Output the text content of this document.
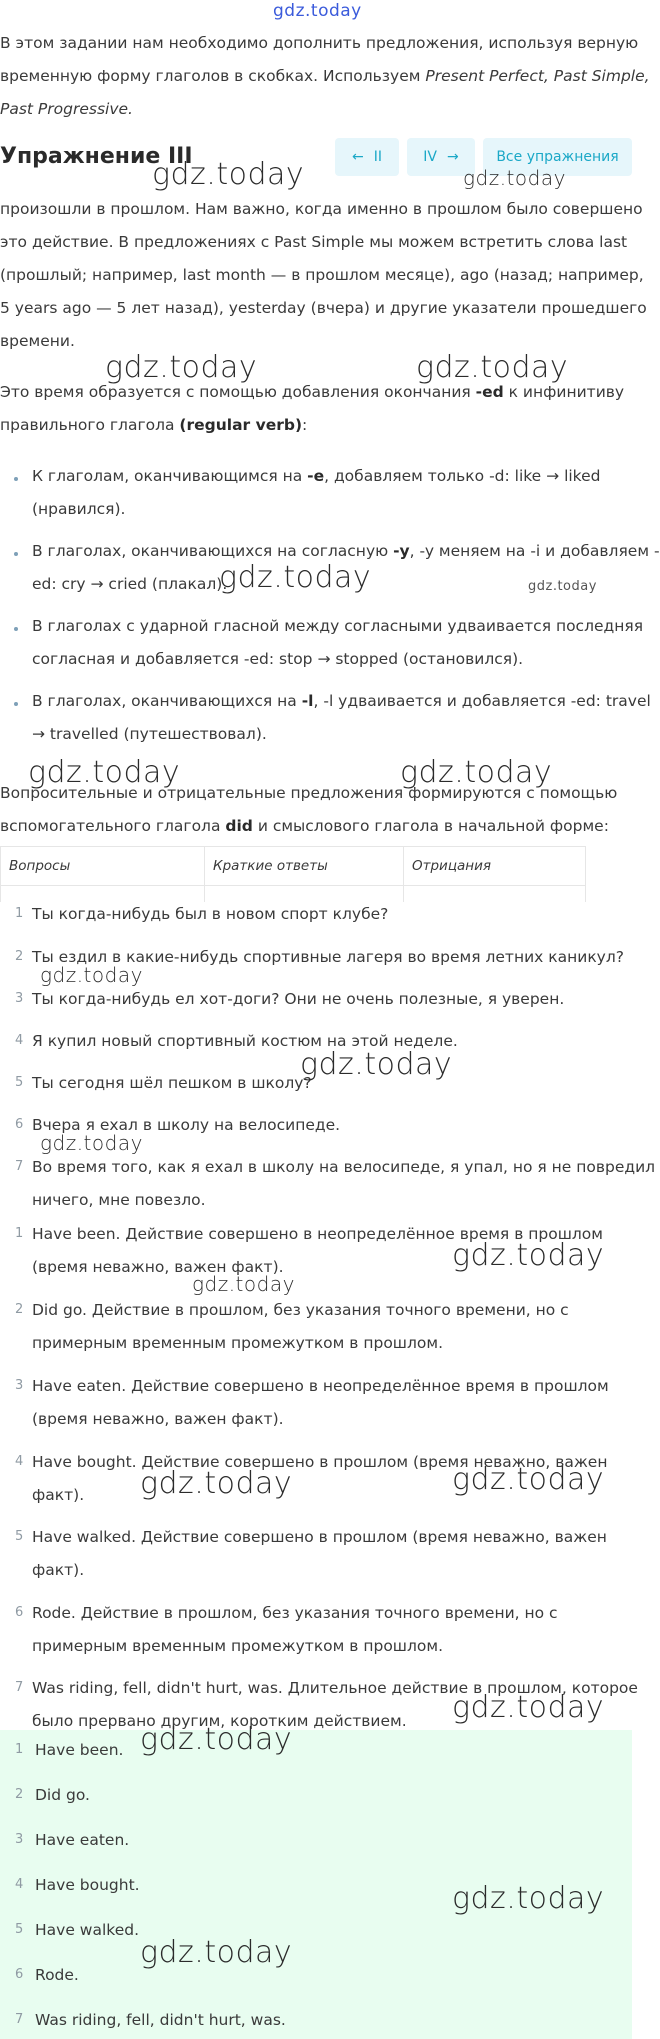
gdz.today
В этом задании нам необходимо дополнить предложения, используя верную
временную форму глаголов в скобках. Используем Present Perfect, Past Simple,
Past Progressive.
Упражнение III	← II	IV →	Все упражнения
произошли в прошлом. Нам важно, когда именно в прошлом было совершено
это действие. В предложениях с Past Simple мы можем встретить слова last
(прошлый; например, last month — в прошлом месяце), ago (назад; например,
5 years ago — 5 лет назад), yesterday (вчера) и другие указатели прошедшего
времени.
Это время образуется с помощью добавления окончания -ed к инфинитиву
правильного глагола (regular verb):
К глаголам, оканчивающимся на -e, добавляем только -d: like → liked
(нравился).
В глаголах, оканчивающихся на согласную -y, -y меняем на -i и добавляем -
ed: cry → cried (плакал).
В глаголах с ударной гласной между согласными удваивается последняя
согласная и добавляется -ed: stop → stopped (остановился).
В глаголах, оканчивающихся на -l, -l удваивается и добавляется -ed: travel
→ travelled (путешествовал).
Вопросительные и отрицательные предложения формируются с помощью
вспомогательного глагола did и смыслового глагола в начальной форме:
Вопросы	Краткие ответы	Отрицания

1 Ты когда-нибудь был в новом спорт клубе?
2 Ты ездил в какие-нибудь спортивные лагеря во время летних каникул?
3 Ты когда-нибудь ел хот-доги? Они не очень полезные, я уверен.
4 Я купил новый спортивный костюм на этой неделе.
5 Ты сегодня шёл пешком в школу?
6 Вчера я ехал в школу на велосипеде.
7 Во время того, как я ехал в школу на велосипеде, я упал, но я не повредил
ничего, мне повезло.
1 Have been. Действие совершено в неопределённое время в прошлом
(время неважно, важен факт).
2 Did go. Действие в прошлом, без указания точного времени, но с
примерным временным промежутком в прошлом.
3 Have eaten. Действие совершено в неопределённое время в прошлом
(время неважно, важен факт).
4 Have bought. Действие совершено в прошлом (время неважно, важен
факт).
5 Have walked. Действие совершено в прошлом (время неважно, важен
факт).
6 Rode. Действие в прошлом, без указания точного времени, но с
примерным временным промежутком в прошлом.
7 Was riding, fell, didn't hurt, was. Длительное действие в прошлом, которое
было прервано другим, коротким действием.
1 Have been.
2 Did go.
3 Have eaten.
4 Have bought.
5 Have walked.
6 Rode.
7 Was riding, fell, didn't hurt, was.
gdz.today	gdz.today
gdz.today	gdz.today
gdz.today	gdz.today
gdz.today	gdz.today
gdz.today
gdz.today
gdz.today
gdz.today
gdz.today
gdz.today	gdz.today
gdz.today
gdz.today
gdz.today
gdz.today
